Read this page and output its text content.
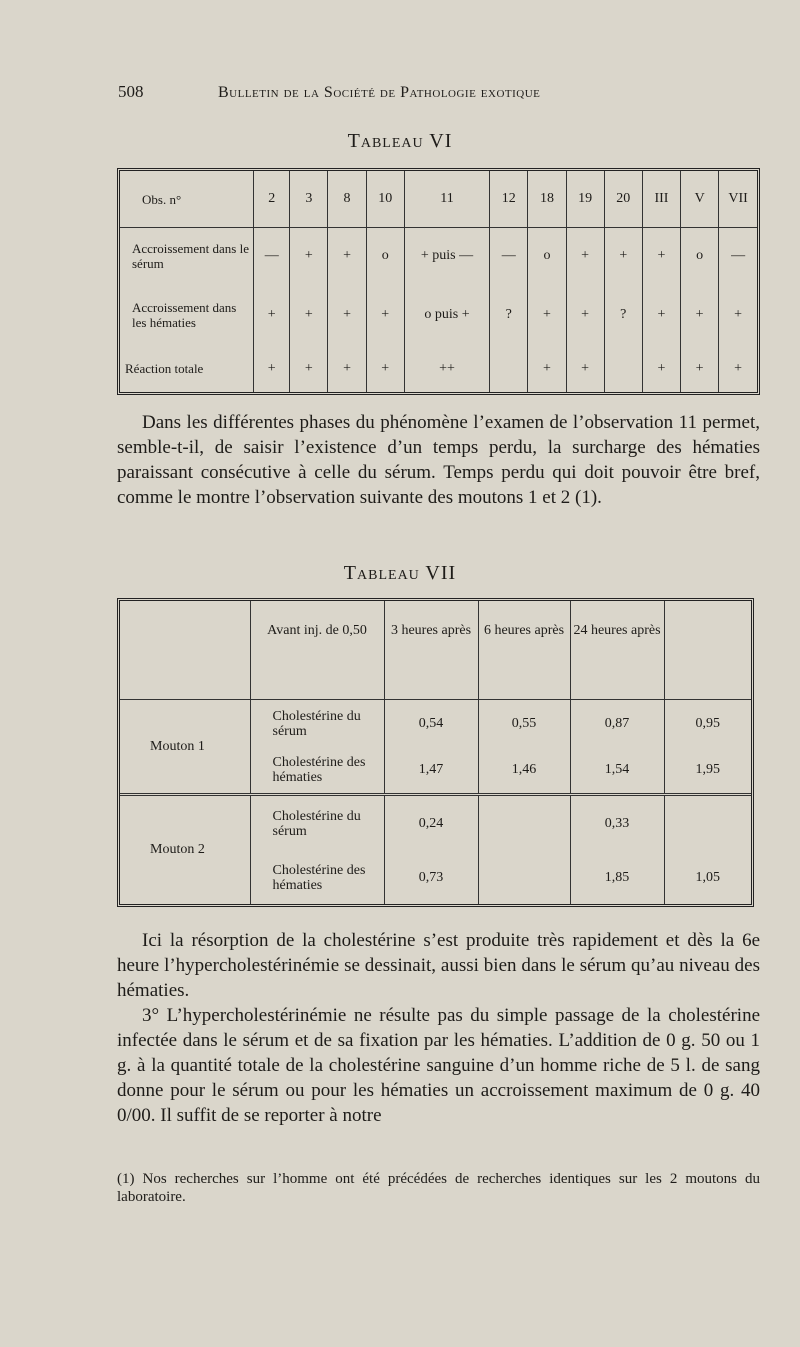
508	Bulletin de la Société de Pathologie exotique
Tableau VI
Obs. n°	2	3	8	10	11	12	18	19	20	III	V	VII
Accroissement dans le sérum	—	+	+	o	+ puis —	—	o	+	+	+	o	—
Accroissement dans les hématies	+	+	+	+	o puis +	?	+	+	?	+	+	+
Réaction totale	+	+	+	+	++		+	+		+	+	+

Dans les différentes phases du phénomène l’examen de l’observation 11 permet, semble-t-il, de saisir l’existence d’un temps perdu, la surcharge des hématies paraissant consécutive à celle du sérum. Temps perdu qui doit pouvoir être bref, comme le montre l’observation suivante des moutons 1 et 2 (1).

Tableau VII
	Avant inj. de 0,50	3 heures après	6 heures après	24 heures après	
Mouton 1	Cholestérine du sérum	0,54	0,55	0,87	0,95
	Cholestérine des hématies	1,47	1,46	1,54	1,95
Mouton 2	Cholestérine du sérum	0,24		0,33	
	Cholestérine des hématies	0,73		1,85	1,05

Ici la résorption de la cholestérine s’est produite très rapidement et dès la 6e heure l’hypercholestérinémie se dessinait, aussi bien dans le sérum qu’au niveau des hématies.

3° L’hypercholestérinémie ne résulte pas du simple passage de la cholestérine infectée dans le sérum et de sa fixation par les hématies. L’addition de 0 g. 50 ou 1 g. à la quantité totale de la cholestérine sanguine d’un homme riche de 5 l. de sang donne pour le sérum ou pour les hématies un accroissement maximum de 0 g. 40 0/00. Il suffit de se reporter à notre

(1) Nos recherches sur l’homme ont été précédées de recherches identiques sur les 2 moutons du laboratoire.
